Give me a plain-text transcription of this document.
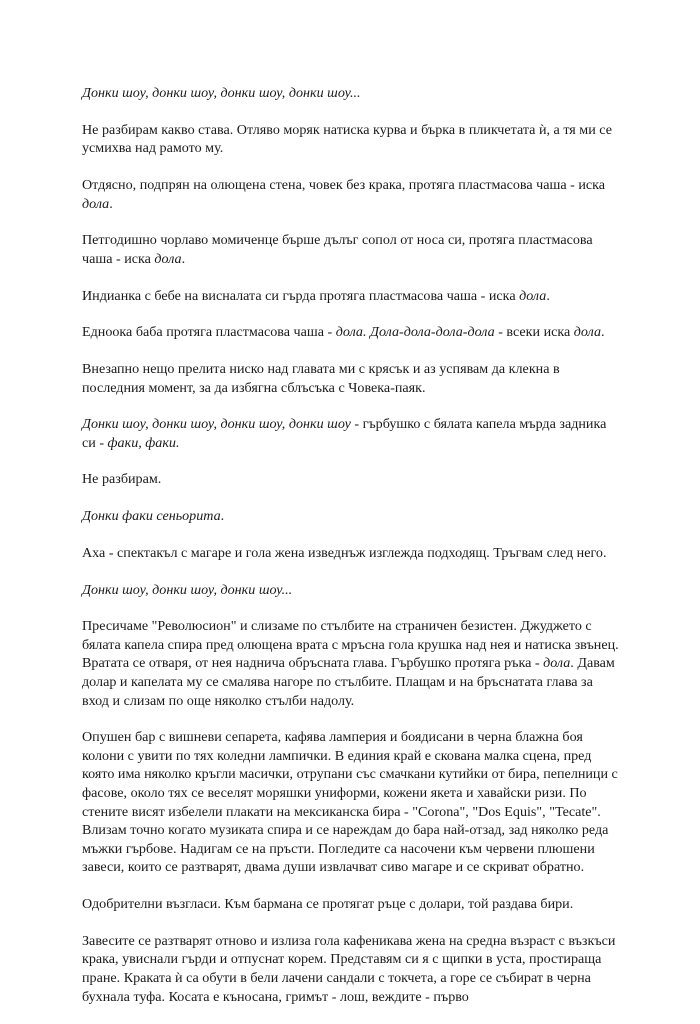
Донки шоу, донки шоу, донки шоу, донки шоу...

Не разбирам какво става. Отляво моряк натиска курва и бърка в пликчетата ѝ, а тя ми се усмихва над рамото му.

Отдясно, подпрян на олющена стена, човек без крака, протяга пластмасова чаша - иска дола.

Петгодишно чорлаво момиченце бърше дълъг сопол от носа си, протяга пластмасова чаша - иска дола.

Индианка с бебе на висналата си гърда протяга пластмасова чаша - иска дола.

Едноока баба протяга пластмасова чаша - дола. Дола-дола-дола-дола - всеки иска дола.

Внезапно нещо прелита ниско над главата ми с крясък и аз успявам да клекна в последния момент, за да избягна сблъсъка с Човека-паяк.

Донки шоу, донки шоу, донки шоу, донки шоу - гърбушко с бялата капела мърда задника си - факи, факи.

Не разбирам.

Донки факи сеньорита.

Аха - спектакъл с магаре и гола жена изведнъж изглежда подходящ. Тръгвам след него.

Донки шоу, донки шоу, донки шоу...

Пресичаме "Революсион" и слизаме по стълбите на страничен безистен. Джуджето с бялата капела спира пред олющена врата с мръсна гола крушка над нея и натиска звънец. Вратата се отваря, от нея надничa обръсната глава. Гърбушко протяга ръка - дола. Давам долар и капелата му се смалява нагоре по стълбите. Плащам и на бръснатата глава за вход и слизам по още няколко стълби надолу.

Опушен бар с вишневи сепарета, кафява ламперия и боядисани в черна блажна боя колони с увити по тях коледни лампички. В единия край е скована малка сцена, пред която има няколко кръгли масички, отрупани със смачкани кутийки от бира, пепелници с фасове, около тях се веселят моряшки униформи, кожени якета и хавайски ризи. По стените висят избелели плакати на мексиканска бира - "Corona", "Dos Equis", "Tecate". Влизам точно когато музиката спира и се нареждам до бара най-отзад, зад няколко реда мъжки гърбове. Надигам се на пръсти. Погледите са насочени към червени плюшени завеси, които се разтварят, двама души извлачват сиво магаре и се скриват обратно.

Одобрителни възгласи. Към бармана се протягат ръце с долари, той раздава бири.

Завесите се разтварят отново и излиза гола кафеникава жена на средна възраст с възкъси крака, увиснали гърди и отпуснат корем. Представям си я с щипки в уста, простираща пране. Краката ѝ са обути в бели лачени сандали с токчета, а горе се събират в черна бухнала туфа. Косата е къносана, гримът - лош, веждите - първо
